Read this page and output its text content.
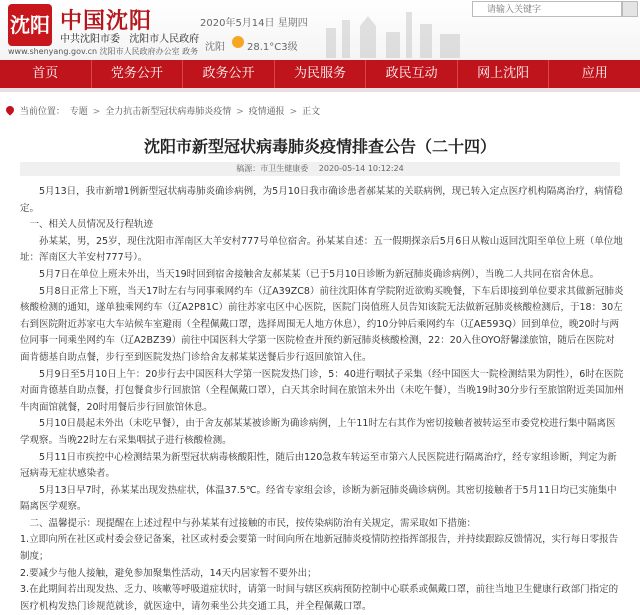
沈阳 中国沈阳
中共沈阳市委 沈阳市人民政府
www.shenyang.gov.cn 沈阳市人民政府办公室 政务
2020年5月14日 星期四
沈阳 28.1°C3级
请输入关键字
首页	党务公开	政务公开	为民服务	政民互动	网上沈阳	应用
当前位置： 专题 > 全力抗击新型冠状病毒肺炎疫情 > 疫情通报 > 正文
沈阳市新型冠状病毒肺炎疫情排查公告（二十四）
稿源：市卫生健康委 2020-05-14 10:12:24

5月13日，我市新增1例新型冠状病毒肺炎确诊病例，为5月10日我市确诊患者郝某某的关联病例，现已转入定点医疗机构隔离治疗，病情稳定。

一、相关人员情况及行程轨迹

孙某某，男，25岁，现住沈阳市浑南区大羊安村777号单位宿舍。孙某某自述：五一假期探亲后5月6日从鞍山返回沈阳至单位上班（单位地址：浑南区大羊安村777号）。

5月7日在单位上班未外出，当天19时回到宿舍接触舍友郝某某（已于5月10日诊断为新冠肺炎确诊病例），当晚二人共同在宿舍休息。

5月8日正常上下班，当天17时左右与同事乘网约车（辽A39ZC8）前往沈阳体育学院附近欲购买晚餐，下车后即接到单位要求其做新冠肺炎核酸检测的通知，遂单独乘网约车（辽A2P81C）前往苏家屯区中心医院，医院门岗值班人员告知该院无法做新冠肺炎核酸检测后，于18：30左右到医院附近苏家屯大车站候车室避雨（全程佩戴口罩，选择周围无人地方休息），约10分钟后乘网约车（辽AE593Q）回到单位，晚20时与两位同事一同乘坐网约车（辽A2BZ39）前往中国医科大学第一医院检查并预约新冠肺炎核酸检测，22：20入住OYO舒馨漾旅馆，随后在医院对面肯德基自助点餐，步行至到医院发热门诊给舍友郝某某送餐后步行返回旅馆入住。

5月9日至5月10日上午：20步行去中国医科大学第一医院发热门诊，5：40进行咽拭子采集（经中国医大一院检测结果为阴性），6时在医院对面肯德基自助点餐，打包餐食步行回旅馆（全程佩戴口罩），白天其余时间在旅馆未外出（未吃午餐），当晚19时30分步行至旅馆附近美国加州牛肉面馆就餐，20时用餐后步行回旅馆休息。

5月10日晨起未外出（未吃早餐），由于舍友郝某某被诊断为确诊病例，上午11时左右其作为密切接触者被转运至市委党校进行集中隔离医学观察。当晚22时左右采集咽拭子进行核酸检测。

5月11日市疾控中心检测结果为新型冠状病毒核酸阳性，随后由120急救车转运至市第六人民医院进行隔离治疗，经专家组诊断，判定为新冠病毒无症状感染者。

5月13日早7时，孙某某出现发热症状，体温37.5℃。经省专家组会诊，诊断为新冠肺炎确诊病例。其密切接触者于5月11日均已实施集中隔离医学观察。

二、温馨提示：现提醒在上述过程中与孙某某有过接触的市民，按传染病防治有关规定，需采取如下措施：

1.立即向所在社区或村委会登记备案，社区或村委会要第一时间向所在地新冠肺炎疫情防控指挥部报告，并持续跟踪反馈情况，实行每日零报告制度；

2.要减少与他人接触，避免参加聚集性活动，14天内居家暂不要外出；

3.在此期间若出现发热、乏力、咳嗽等呼吸道症状时，请第一时间与辖区疾病预防控制中心联系或佩戴口罩，前往当地卫生健康行政部门指定的医疗机构发热门诊规范就诊，就医途中，请勿乘坐公共交通工具，并全程佩戴口罩。
